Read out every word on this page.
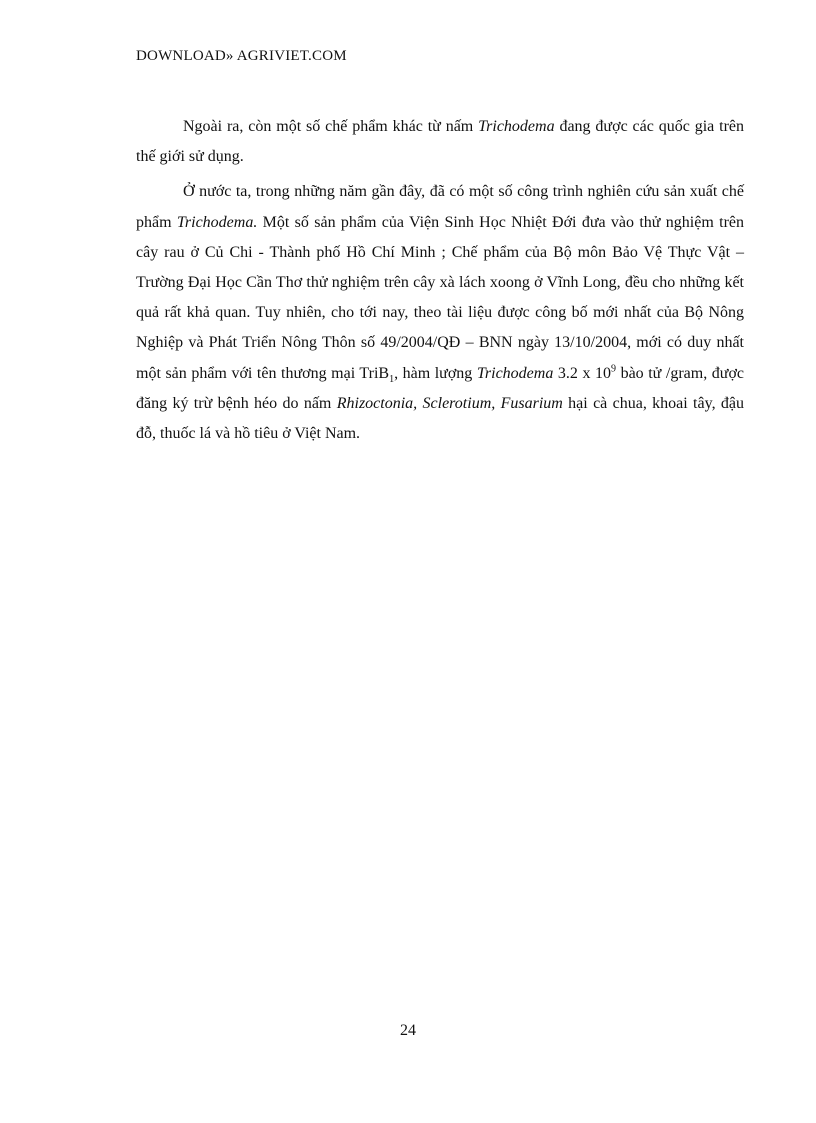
DOWNLOAD» AGRIVIET.COM

Ngoài ra, còn một số chế phẩm khác từ nấm Trichodema đang được các quốc gia trên thế giới sử dụng.

Ở nước ta, trong những năm gần đây, đã có một số công trình nghiên cứu sản xuất chế phẩm Trichodema. Một số sản phẩm của Viện Sinh Học Nhiệt Đới đưa vào thử nghiệm trên cây rau ở Củ Chi - Thành phố Hồ Chí Minh ; Chế phẩm của Bộ môn Bảo Vệ Thực Vật – Trường Đại Học Cần Thơ thử nghiệm trên cây xà lách xoong ở Vĩnh Long, đều cho những kết quả rất khả quan. Tuy nhiên, cho tới nay, theo tài liệu được công bố mới nhất của Bộ Nông Nghiệp và Phát Triển Nông Thôn số 49/2004/QĐ – BNN ngày 13/10/2004, mới có duy nhất một sản phẩm với tên thương mại TriB$_1$, hàm lượng Trichodema 3.2 x $10^9$ bào tử /gram, được đăng ký trừ bệnh héo do nấm Rhizoctonia, Sclerotium, Fusarium hại cà chua, khoai tây, đậu đỗ, thuốc lá và hồ tiêu ở Việt Nam.

24
